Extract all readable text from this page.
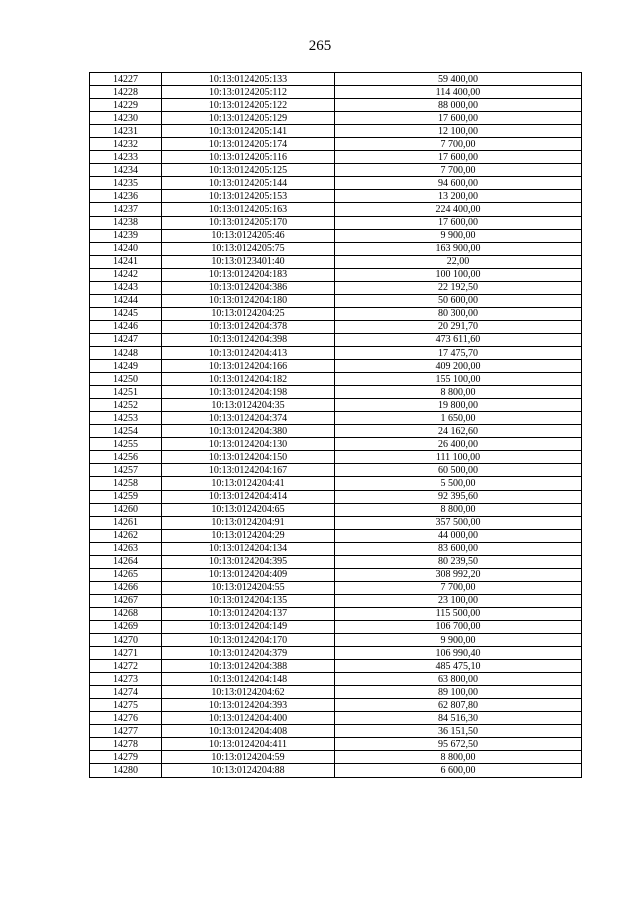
265
14227	10:13:0124205:133	59 400,00
14228	10:13:0124205:112	114 400,00
14229	10:13:0124205:122	88 000,00
14230	10:13:0124205:129	17 600,00
14231	10:13:0124205:141	12 100,00
14232	10:13:0124205:174	7 700,00
14233	10:13:0124205:116	17 600,00
14234	10:13:0124205:125	7 700,00
14235	10:13:0124205:144	94 600,00
14236	10:13:0124205:153	13 200,00
14237	10:13:0124205:163	224 400,00
14238	10:13:0124205:170	17 600,00
14239	10:13:0124205:46	9 900,00
14240	10:13:0124205:75	163 900,00
14241	10:13:0123401:40	22,00
14242	10:13:0124204:183	100 100,00
14243	10:13:0124204:386	22 192,50
14244	10:13:0124204:180	50 600,00
14245	10:13:0124204:25	80 300,00
14246	10:13:0124204:378	20 291,70
14247	10:13:0124204:398	473 611,60
14248	10:13:0124204:413	17 475,70
14249	10:13:0124204:166	409 200,00
14250	10:13:0124204:182	155 100,00
14251	10:13:0124204:198	8 800,00
14252	10:13:0124204:35	19 800,00
14253	10:13:0124204:374	1 650,00
14254	10:13:0124204:380	24 162,60
14255	10:13:0124204:130	26 400,00
14256	10:13:0124204:150	111 100,00
14257	10:13:0124204:167	60 500,00
14258	10:13:0124204:41	5 500,00
14259	10:13:0124204:414	92 395,60
14260	10:13:0124204:65	8 800,00
14261	10:13:0124204:91	357 500,00
14262	10:13:0124204:29	44 000,00
14263	10:13:0124204:134	83 600,00
14264	10:13:0124204:395	80 239,50
14265	10:13:0124204:409	308 992,20
14266	10:13:0124204:55	7 700,00
14267	10:13:0124204:135	23 100,00
14268	10:13:0124204:137	115 500,00
14269	10:13:0124204:149	106 700,00
14270	10:13:0124204:170	9 900,00
14271	10:13:0124204:379	106 990,40
14272	10:13:0124204:388	485 475,10
14273	10:13:0124204:148	63 800,00
14274	10:13:0124204:62	89 100,00
14275	10:13:0124204:393	62 807,80
14276	10:13:0124204:400	84 516,30
14277	10:13:0124204:408	36 151,50
14278	10:13:0124204:411	95 672,50
14279	10:13:0124204:59	8 800,00
14280	10:13:0124204:88	6 600,00
